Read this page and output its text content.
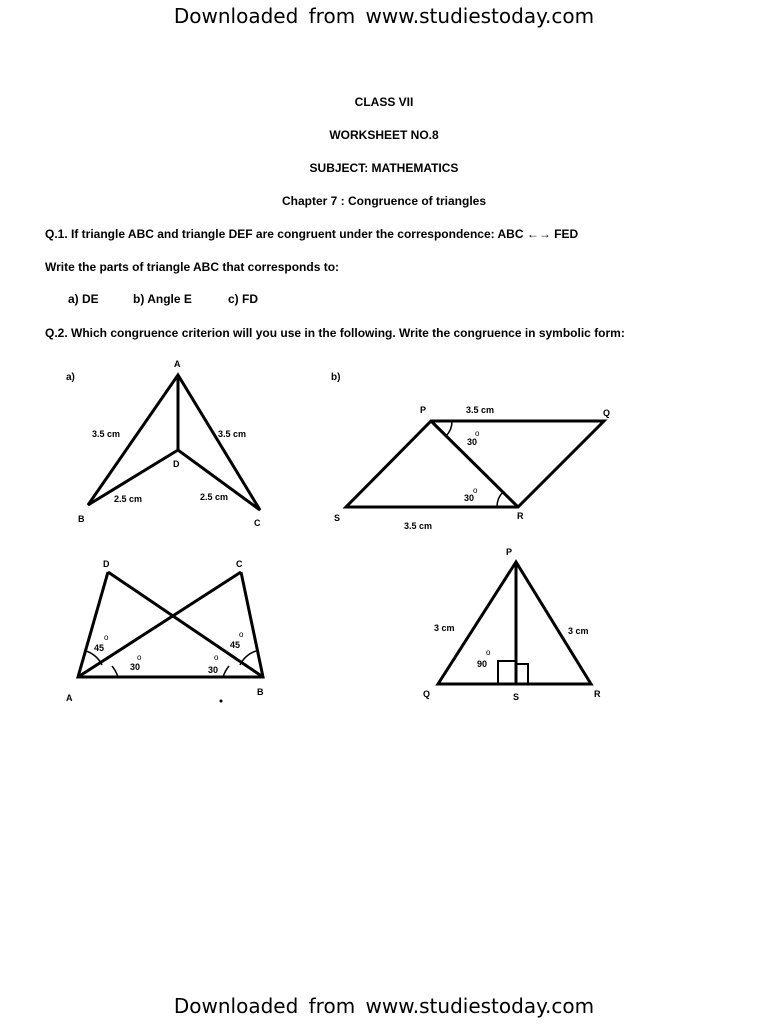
Downloaded from www.studiestoday.com
CLASS VII
WORKSHEET NO.8
SUBJECT: MATHEMATICS
Chapter 7 : Congruence of triangles
Q.1. If triangle ABC and triangle DEF are congruent under the correspondence: ABC ←→ FED
Write the parts of triangle ABC that corresponds to:
a) DE	b) Angle E	c) FD
Q.2. Which congruence criterion will you use in the following. Write the congruence in symbolic form:
a)
A
B	C
D
3.5 cm	3.5 cm
2.5 cm	2.5 cm
b)
P	Q
R
S
3.5 cm
3.5 cm
30
o
30
o
D	C
A
B
45
o
30
o
45
o
30
o
P
Q	S	R
3 cm	3 cm
90
o
Downloaded from www.studiestoday.com
